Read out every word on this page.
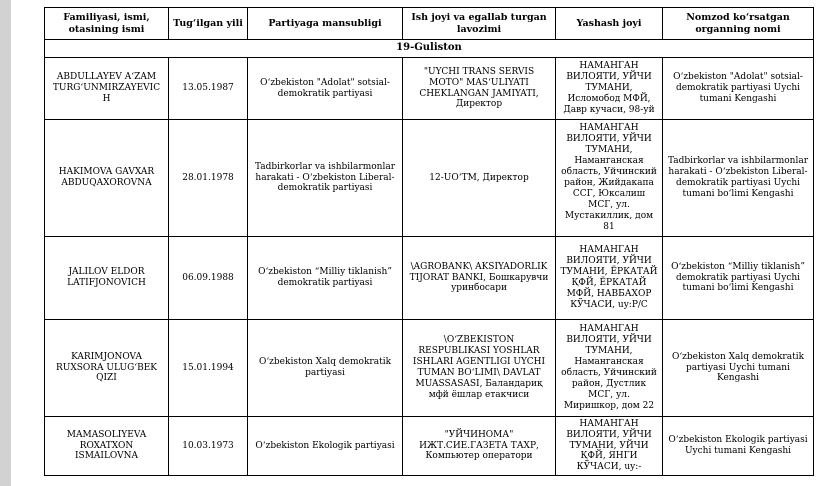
Familiyasi, ismi, otasining ismi	Tug‘ilgan yili	Partiyaga mansubligi	Ish joyi va egallab turgan lavozimi	Yashash joyi	Nomzod ko‘rsatgan organning nomi
19-Guliston					
ABDULLAYEV A‘ZAM TURG‘UNMIRZAYEVICH	13.05.1987	O‘zbekiston "Adolat" sotsial-demokratik partiyasi	"UYCHI TRANS SERVIS MOTO" MAS‘ULIYATI CHEKLANGAN JAMIYATI, Директор	НАМАНГАН ВИЛОЯТИ, УЙЧИ ТУМАНИ, Исломобод МФЙ, Давр кучаси, 98-уй	O‘zbekiston "Adolat" sotsial-demokratik partiyasi Uychi tumani Kengashi
HAKIMOVA GAVXAR ABDUQAXOROVNA	28.01.1978	Tadbirkorlar va ishbilarmonlar harakati - O‘zbekiston Liberal-demokratik partiyasi	12-UO‘TM, Директор	НАМАНГАН ВИЛОЯТИ, УЙЧИ ТУМАНИ, Наманганская область, Уйчинский район, Жийдакапа ССГ, Юксалиш МСГ, ул. Мустакиллик, дом 81	Tadbirkorlar va ishbilarmonlar harakati - O‘zbekiston Liberal-demokratik partiyasi Uychi tumani bo‘limi Kengashi
JALILOV ELDOR LATIFJONOVICH	06.09.1988	O‘zbekiston “Milliy tiklanish” demokratik partiyasi	\AGROBANK\ AKSIYADORLIK TIJORAT BANKI, Бошкарувчи уринбосари	НАМАНГАН ВИЛОЯТИ, УЙЧИ ТУМАНИ, ЁРКАТАЙ ҚФЙ, ЁРКАТАЙ МФЙ, НАВБАХОР КЎЧАСИ, uy:Р/С	O‘zbekiston “Milliy tiklanish” demokratik partiyasi Uychi tumani bo‘limi Kengashi
KARIMJONOVA RUXSORA ULUG‘BEK QIZI	15.01.1994	O‘zbekiston Xalq demokratik partiyasi	\O‘ZBEKISTON RESPUBLIKASI YOSHLAR ISHLARI AGENTLIGI UYCHI TUMAN BO‘LIMI\ DAVLAT MUASSASASI, Баландариқ мфй ёшлар етакчиси	НАМАНГАН ВИЛОЯТИ, УЙЧИ ТУМАНИ, Наманганская область, Уйчинский район, Дустлик МСГ, ул. Миришкор, дом 22	O‘zbekiston Xalq demokratik partiyasi Uychi tumani Kengashi
MAMASOLIYEVA ROXATXON ISMAILOVNA	10.03.1973	O‘zbekiston Ekologik partiyasi	"УЙЧИНОМА" ИЖТ.СИЕ.ГАЗЕТА ТАХР, Компьютер оператори	НАМАНГАН ВИЛОЯТИ, УЙЧИ ТУМАНИ, УЙЧИ ҚФЙ, ЯНГИ КЎЧАСИ, uy:-	O‘zbekiston Ekologik partiyasi Uychi tumani Kengashi
